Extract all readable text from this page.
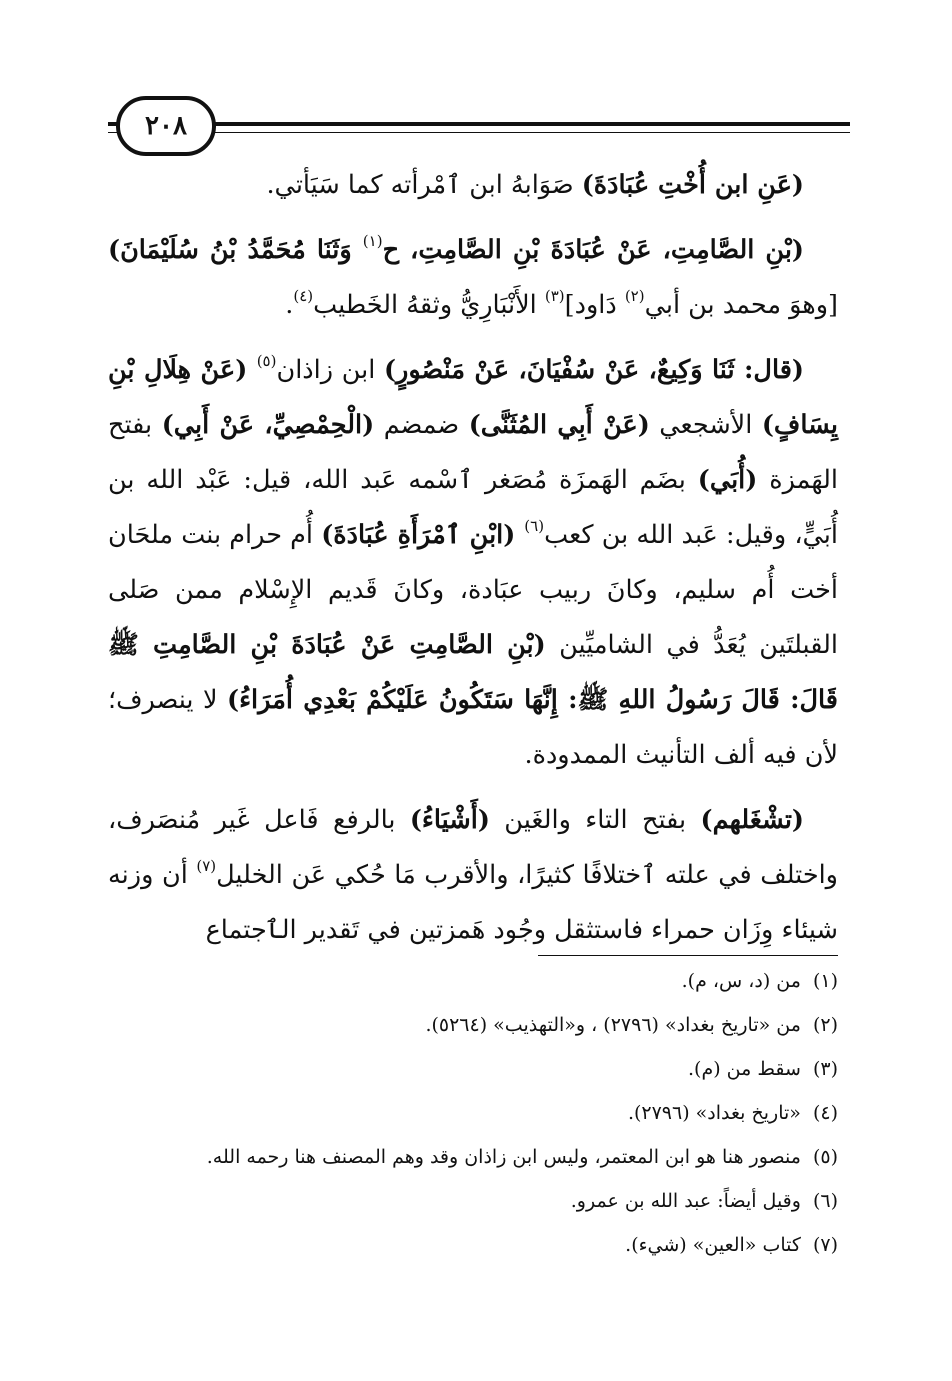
٢٠٨

(عَنِ ابن أُخْتِ عُبَادَةَ) صَوَابهُ ابن ٱمْرأته كما سَيَأتي.

(بْنِ الصَّامِتِ، عَنْ عُبَادَةَ بْنِ الصَّامِتِ، ح$^{(١)}$ وَثَنَا مُحَمَّدُ بْنُ سُلَيْمَانَ) [وهوَ محمد بن أبي$^{(٢)}$ دَاود]$^{(٣)}$ الأَنْبَارِيُّ وثقهُ الخَطيب$^{(٤)}$.

(قال: ثَنَا وَكِيعٌ، عَنْ سُفْيَانَ، عَنْ مَنْصُورٍ) ابن زاذان$^{(٥)}$ (عَنْ هِلَالِ بْنِ يِسَافٍ) الأشجعي (عَنْ أَبِي المُثَنَّى) ضمضم (الْحِمْصِيِّ، عَنْ أَبِي) بفتح الهَمزة (أُبَي) بضَم الهَمزَة مُصَغر ٱسْمه عَبد الله، قيل: عَبْد الله بن أُبَيٍّ، وقيل: عَبد الله بن كعب$^{(٦)}$ (ابْنِ ٱمْرَأَةِ عُبَادَةَ) أُم حرام بنت ملحَان أخت أُم سليم، وكانَ ربيب عبَادة، وكانَ قَديم الإِسْلام ممن صَلى القبلتَين يُعَدُّ في الشاميِّين (بْنِ الصَّامِتِ عَنْ عُبَادَةَ بْنِ الصَّامِتِ ﷺ قَالَ: قَالَ رَسُولُ اللهِ ﷺ: إِنَّهَا سَتَكُونُ عَلَيْكُمْ بَعْدِي أُمَرَاءُ) لا ينصرف؛ لأن فيه ألف التأنيث الممدودة.

(تشْغَلهم) بفتح التاء والغَين (أَشْيَاءُ) بالرفع فَاعل غَير مُنصَرف، واختلف في علته ٱختلافًا كثيرًا، والأقرب مَا حُكي عَن الخليل$^{(٧)}$ أن وزنه شيئاء وِزَان حمراء فاستثقل وجُود هَمزتين في تَقدير الٱجتماع

(١)من (د، س، م).
(٢)من «تاريخ بغداد» (٢٧٩٦) ، و«التهذيب» (٥٢٦٤).
(٣)سقط من (م).
(٤)«تاريخ بغداد» (٢٧٩٦).
(٥)منصور هنا هو ابن المعتمر، وليس ابن زاذان وقد وهم المصنف هنا رحمه الله.
(٦)وقيل أيضاً: عبد الله بن عمرو.
(٧)كتاب «العين» (شيء).
